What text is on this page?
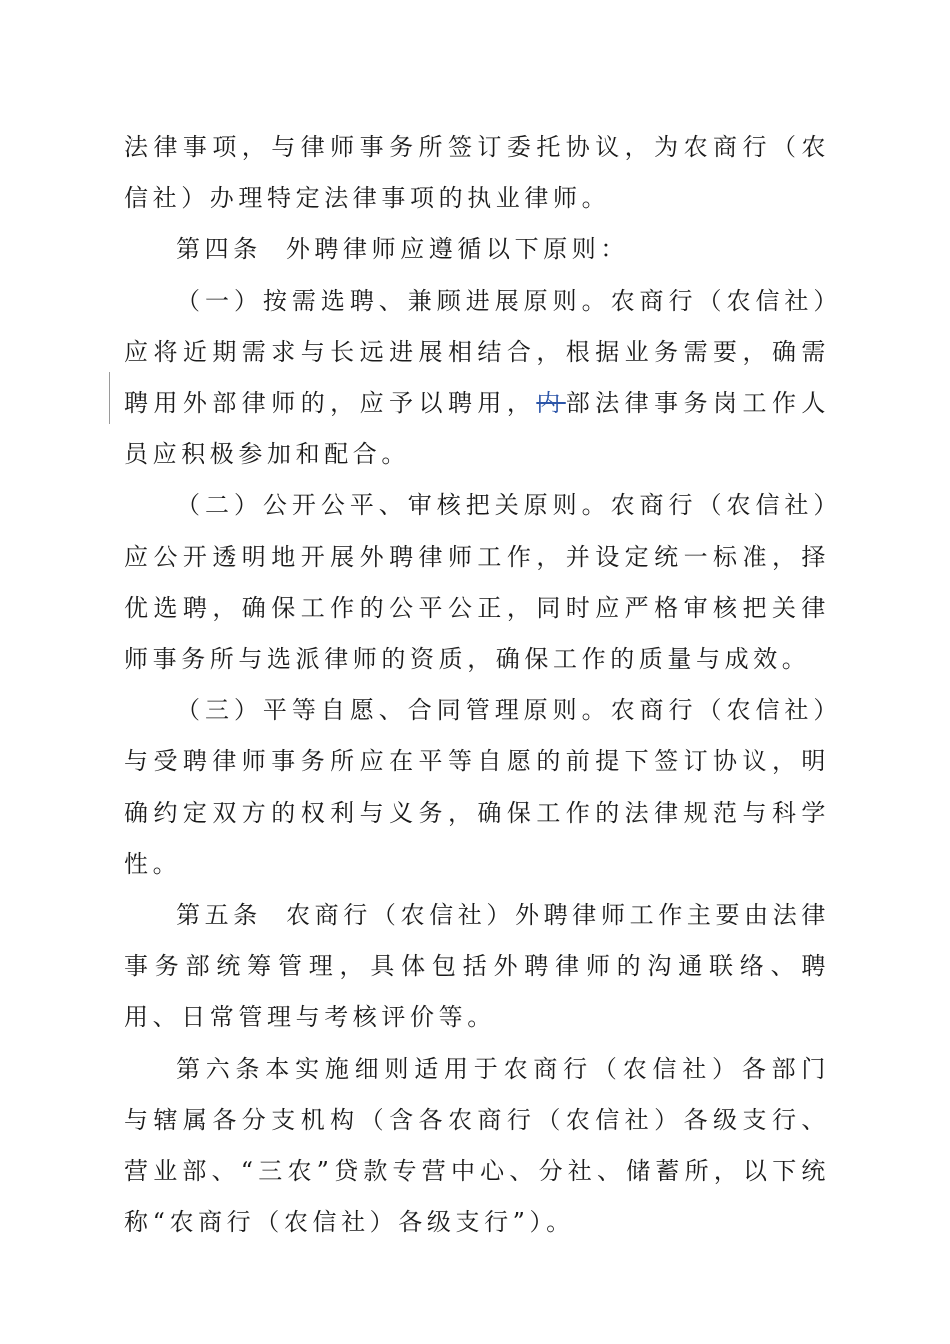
法律事项，与律师事务所签订委托协议，为农商行（农信社）办理特定法律事项的执业律师。

第四条 外聘律师应遵循以下原则：

（一）按需选聘、兼顾进展原则。农商行（农信社）应将近期需求与长远进展相结合，根据业务需要，确需聘用外部律师的，应予以聘用，内部法律事务岗工作人员应积极参加和配合。

（二）公开公平、审核把关原则。农商行（农信社）应公开透明地开展外聘律师工作，并设定统一标准，择优选聘，确保工作的公平公正，同时应严格审核把关律师事务所与选派律师的资质，确保工作的质量与成效。

（三）平等自愿、合同管理原则。农商行（农信社）与受聘律师事务所应在平等自愿的前提下签订协议，明确约定双方的权利与义务，确保工作的法律规范与科学性。

第五条 农商行（农信社）外聘律师工作主要由法律事务部统筹管理，具体包括外聘律师的沟通联络、聘用、日常管理与考核评价等。

第六条本实施细则适用于农商行（农信社）各部门与辖属各分支机构（含各农商行（农信社）各级支行、营业部、“三农”贷款专营中心、分社、储蓄所，以下统称“农商行（农信社）各级支行”）。
